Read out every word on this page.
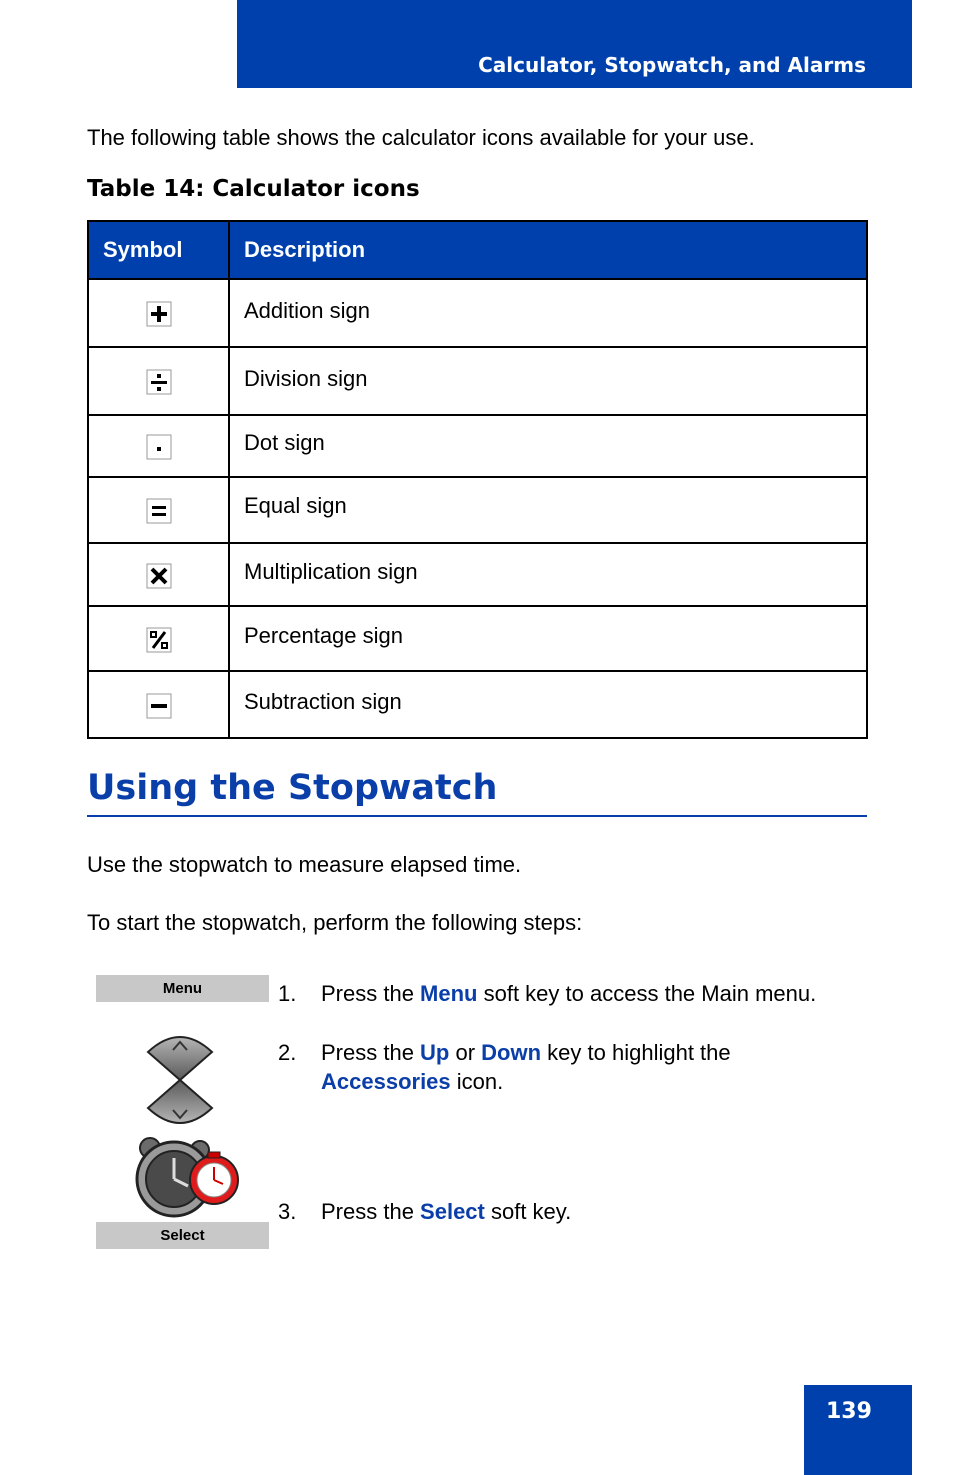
Calculator, Stopwatch, and Alarms
The following table shows the calculator icons available for your use.
Table 14: Calculator icons
Symbol	Description
	Addition sign
	Division sign
	Dot sign
	Equal sign
	Multiplication sign
	Percentage sign
	Subtraction sign
Using the Stopwatch
Use the stopwatch to measure elapsed time.
To start the stopwatch, perform the following steps:
Menu
Select
1. Press the Menu soft key to access the Main menu.
2. Press the Up or Down key to highlight the
Accessories icon.
3. Press the Select soft key.
139
